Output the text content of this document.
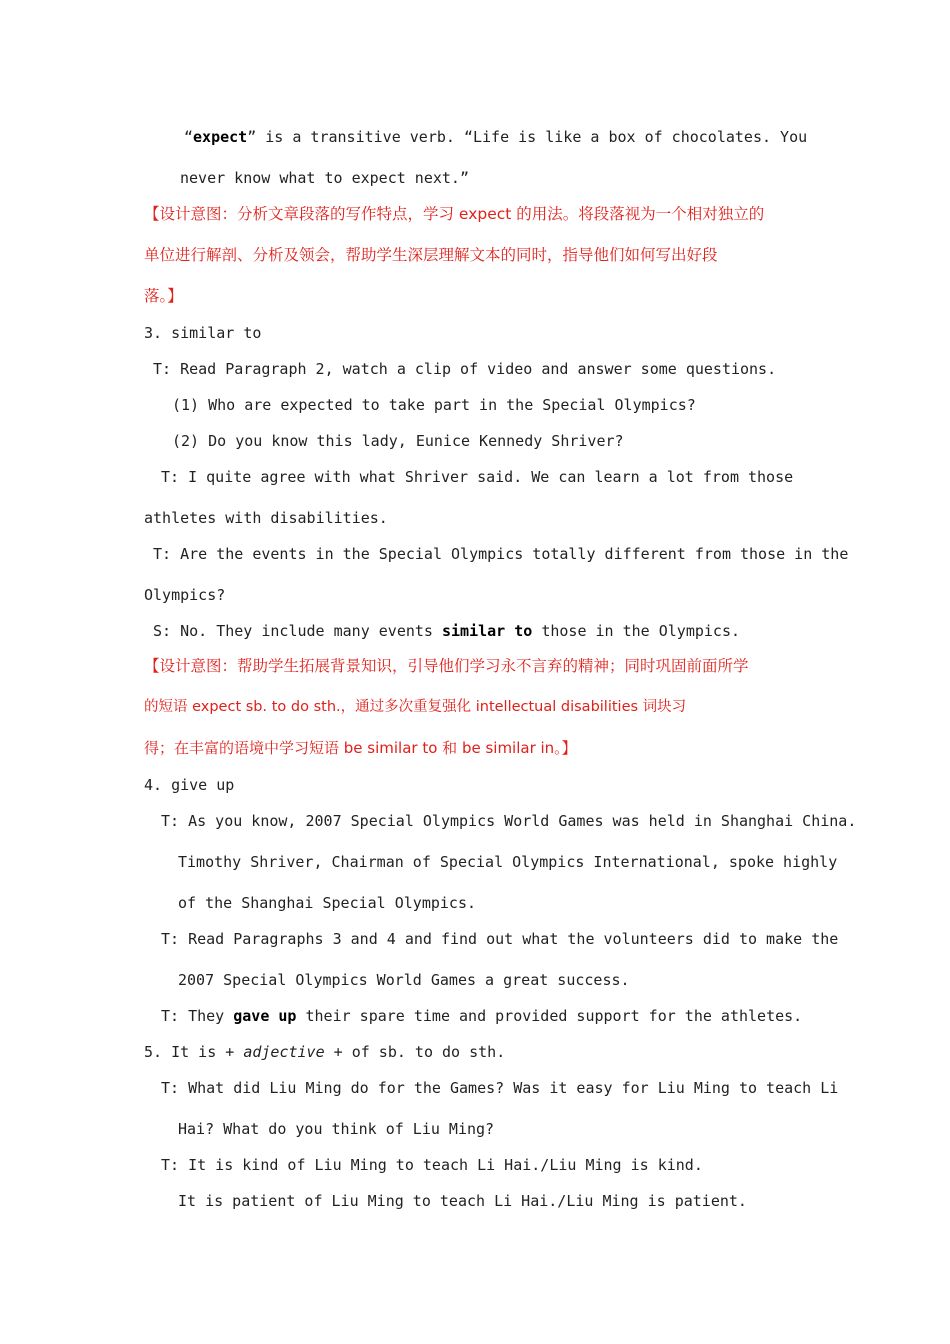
“expect” is a transitive verb. “Life is like a box of chocolates. You
never know what to expect next.”
【设计意图：分析文章段落的写作特点，学习 expect 的用法。将段落视为一个相对独立的
单位进行解剖、分析及领会，帮助学生深层理解文本的同时，指导他们如何写出好段
落。】
3. similar to
T: Read Paragraph 2, watch a clip of video and answer some questions.
(1) Who are expected to take part in the Special Olympics?
(2) Do you know this lady, Eunice Kennedy Shriver?
T: I quite agree with what Shriver said. We can learn a lot from those
athletes with disabilities.
T: Are the events in the Special Olympics totally different from those in the
Olympics?
S: No. They include many events similar to those in the Olympics.
【设计意图：帮助学生拓展背景知识，引导他们学习永不言弃的精神；同时巩固前面所学
的短语 expect sb. to do sth.，通过多次重复强化 intellectual disabilities 词块习
得；在丰富的语境中学习短语 be similar to 和 be similar in。】
4. give up
T: As you know, 2007 Special Olympics World Games was held in Shanghai China.
Timothy Shriver, Chairman of Special Olympics International, spoke highly
of the Shanghai Special Olympics.
T: Read Paragraphs 3 and 4 and find out what the volunteers did to make the
2007 Special Olympics World Games a great success.
T: They gave up their spare time and provided support for the athletes.
5. It is + adjective + of sb. to do sth.
T: What did Liu Ming do for the Games? Was it easy for Liu Ming to teach Li
Hai? What do you think of Liu Ming?
T: It is kind of Liu Ming to teach Li Hai./Liu Ming is kind.
It is patient of Liu Ming to teach Li Hai./Liu Ming is patient.
